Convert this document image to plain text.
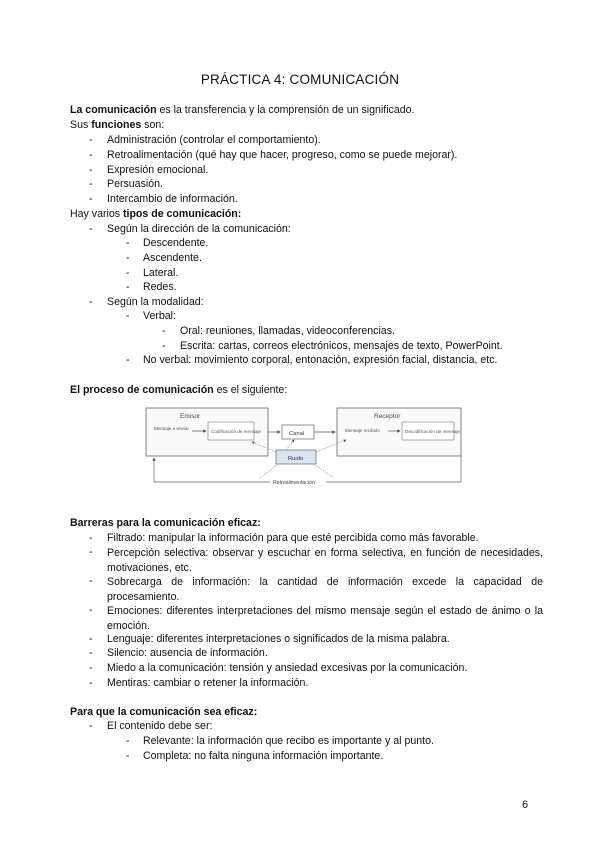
PRÁCTICA 4: COMUNICACIÓN
La comunicación es la transferencia y la comprensión de un significado.
Sus funciones son:
- Administración (controlar el comportamiento).
- Retroalimentación (qué hay que hacer, progreso, como se puede mejorar).
- Expresión emocional.
- Persuasión.
- Intercambio de información.
Hay varios tipos de comunicación:
- Según la dirección de la comunicación:
- Descendente.
- Ascendente.
- Lateral.
- Redes.
- Según la modalidad:
- Verbal:
- Oral: reuniones, llamadas, videoconferencias.
- Escrita: cartas, correos electrónicos, mensajes de texto, PowerPoint.
- No verbal: movimiento corporal, entonación, expresión facial, distancia, etc.
El proceso de comunicación es el siguiente:
Emisor
Mensaje a enviar
Codificación de mensaje	Canal
Receptor
Mensaje recibido	Decodificación de mensaje
Ruido
Retroalimentación
Barreras para la comunicación eficaz:
- Filtrado: manipular la información para que esté percibida como más favorable.
- Percepción selectiva: observar y escuchar en forma selectiva, en función de necesidades, motivaciones, etc.
- Sobrecarga de información: la cantidad de información excede la capacidad de procesamiento.
- Emociones: diferentes interpretaciones del mismo mensaje según el estado de ánimo o la emoción.
- Lenguaje: diferentes interpretaciones o significados de la misma palabra.
- Silencio: ausencia de información.
- Miedo a la comunicación: tensión y ansiedad excesivas por la comunicación.
- Mentiras: cambiar o retener la información.
Para que la comunicación sea eficaz:
- El contenido debe ser:
- Relevante: la información que recibo es importante y al punto.
- Completa: no falta ninguna información importante.
6
